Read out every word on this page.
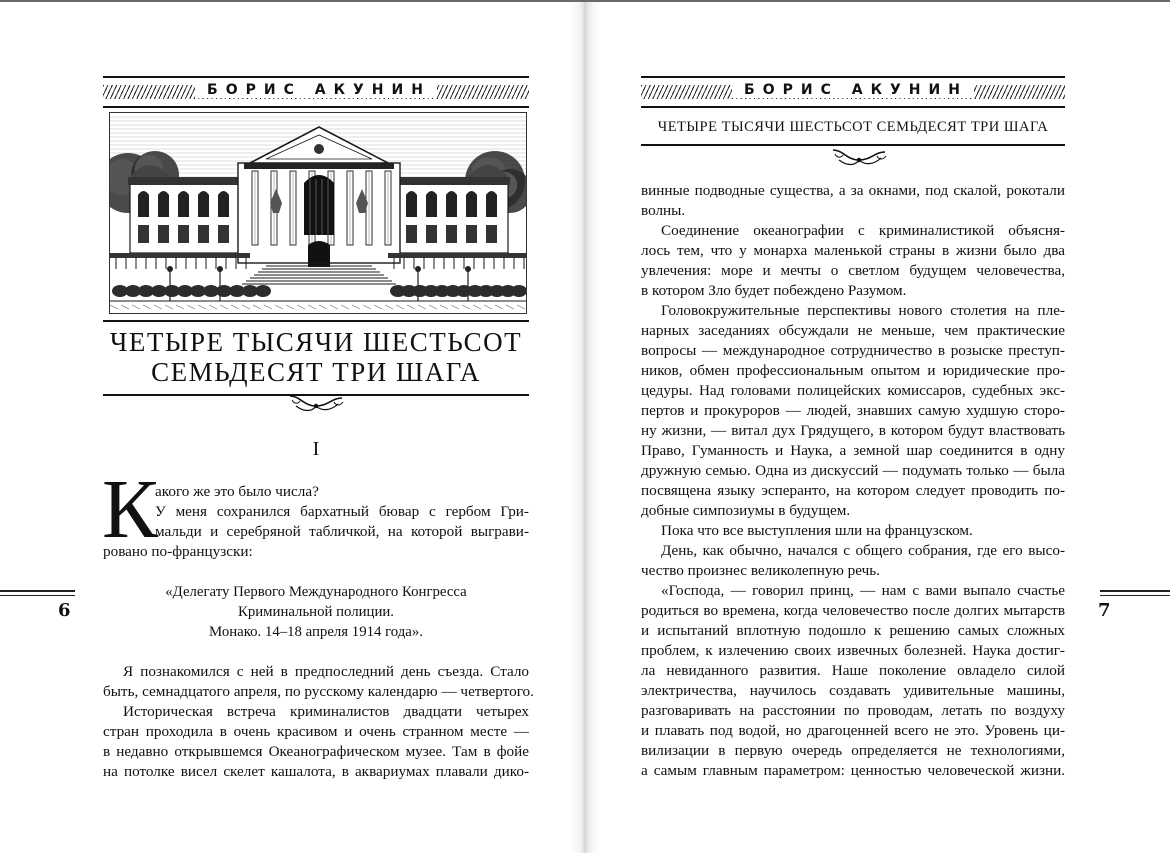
БОРИС АКУНИН
ЧЕТЫРЕ ТЫСЯЧИ ШЕСТЬСОТ
СЕМЬДЕСЯТ ТРИ ШАГА
I
К
акого же это было числа?
У меня сохранился бархатный бювар с гербом Гри-
мальди и серебряной табличкой, на которой выграви-
ровано по-французски:
«Делегату Первого Международного Конгресса
Криминальной полиции.
Монако. 14–18 апреля 1914 года».
Я познакомился с ней в предпоследний день съезда. Стало
быть, семнадцатого апреля, по русскому календарю — четвертого.
Историческая встреча криминалистов двадцати четырех
стран проходила в очень красивом и очень странном месте —
в недавно открывшемся Океанографическом музее. Там в фойе
на потолке висел скелет кашалота, в аквариумах плавали дико-
6
БОРИС АКУНИН
ЧЕТЫРЕ ТЫСЯЧИ ШЕСТЬСОТ СЕМЬДЕСЯТ ТРИ ШАГА
винные подводные существа, а за окнами, под скалой, рокотали
волны.
Соединение океанографии с криминалистикой объясня-
лось тем, что у монарха маленькой страны в жизни было два
увлечения: море и мечты о светлом будущем человечества,
в котором Зло будет побеждено Разумом.
Головокружительные перспективы нового столетия на пле-
нарных заседаниях обсуждали не меньше, чем практические
вопросы — международное сотрудничество в розыске преступ-
ников, обмен профессиональным опытом и юридические про-
цедуры. Над головами полицейских комиссаров, судебных экс-
пертов и прокуроров — людей, знавших самую худшую сторо-
ну жизни, — витал дух Грядущего, в котором будут властвовать
Право, Гуманность и Наука, а земной шар соединится в одну
дружную семью. Одна из дискуссий — подумать только — была
посвящена языку эсперанто, на котором следует проводить по-
добные симпозиумы в будущем.
Пока что все выступления шли на французском.
День, как обычно, начался с общего собрания, где его высо-
чество произнес великолепную речь.
«Господа, — говорил принц, — нам с вами выпало счастье
родиться во времена, когда человечество после долгих мытарств
и испытаний вплотную подошло к решению самых сложных
проблем, к излечению своих извечных болезней. Наука достиг-
ла невиданного развития. Наше поколение овладело силой
электричества, научилось создавать удивительные машины,
разговаривать на расстоянии по проводам, летать по воздуху
и плавать под водой, но драгоценней всего не это. Уровень ци-
вилизации в первую очередь определяется не технологиями,
а самым главным параметром: ценностью человеческой жизни.
7
